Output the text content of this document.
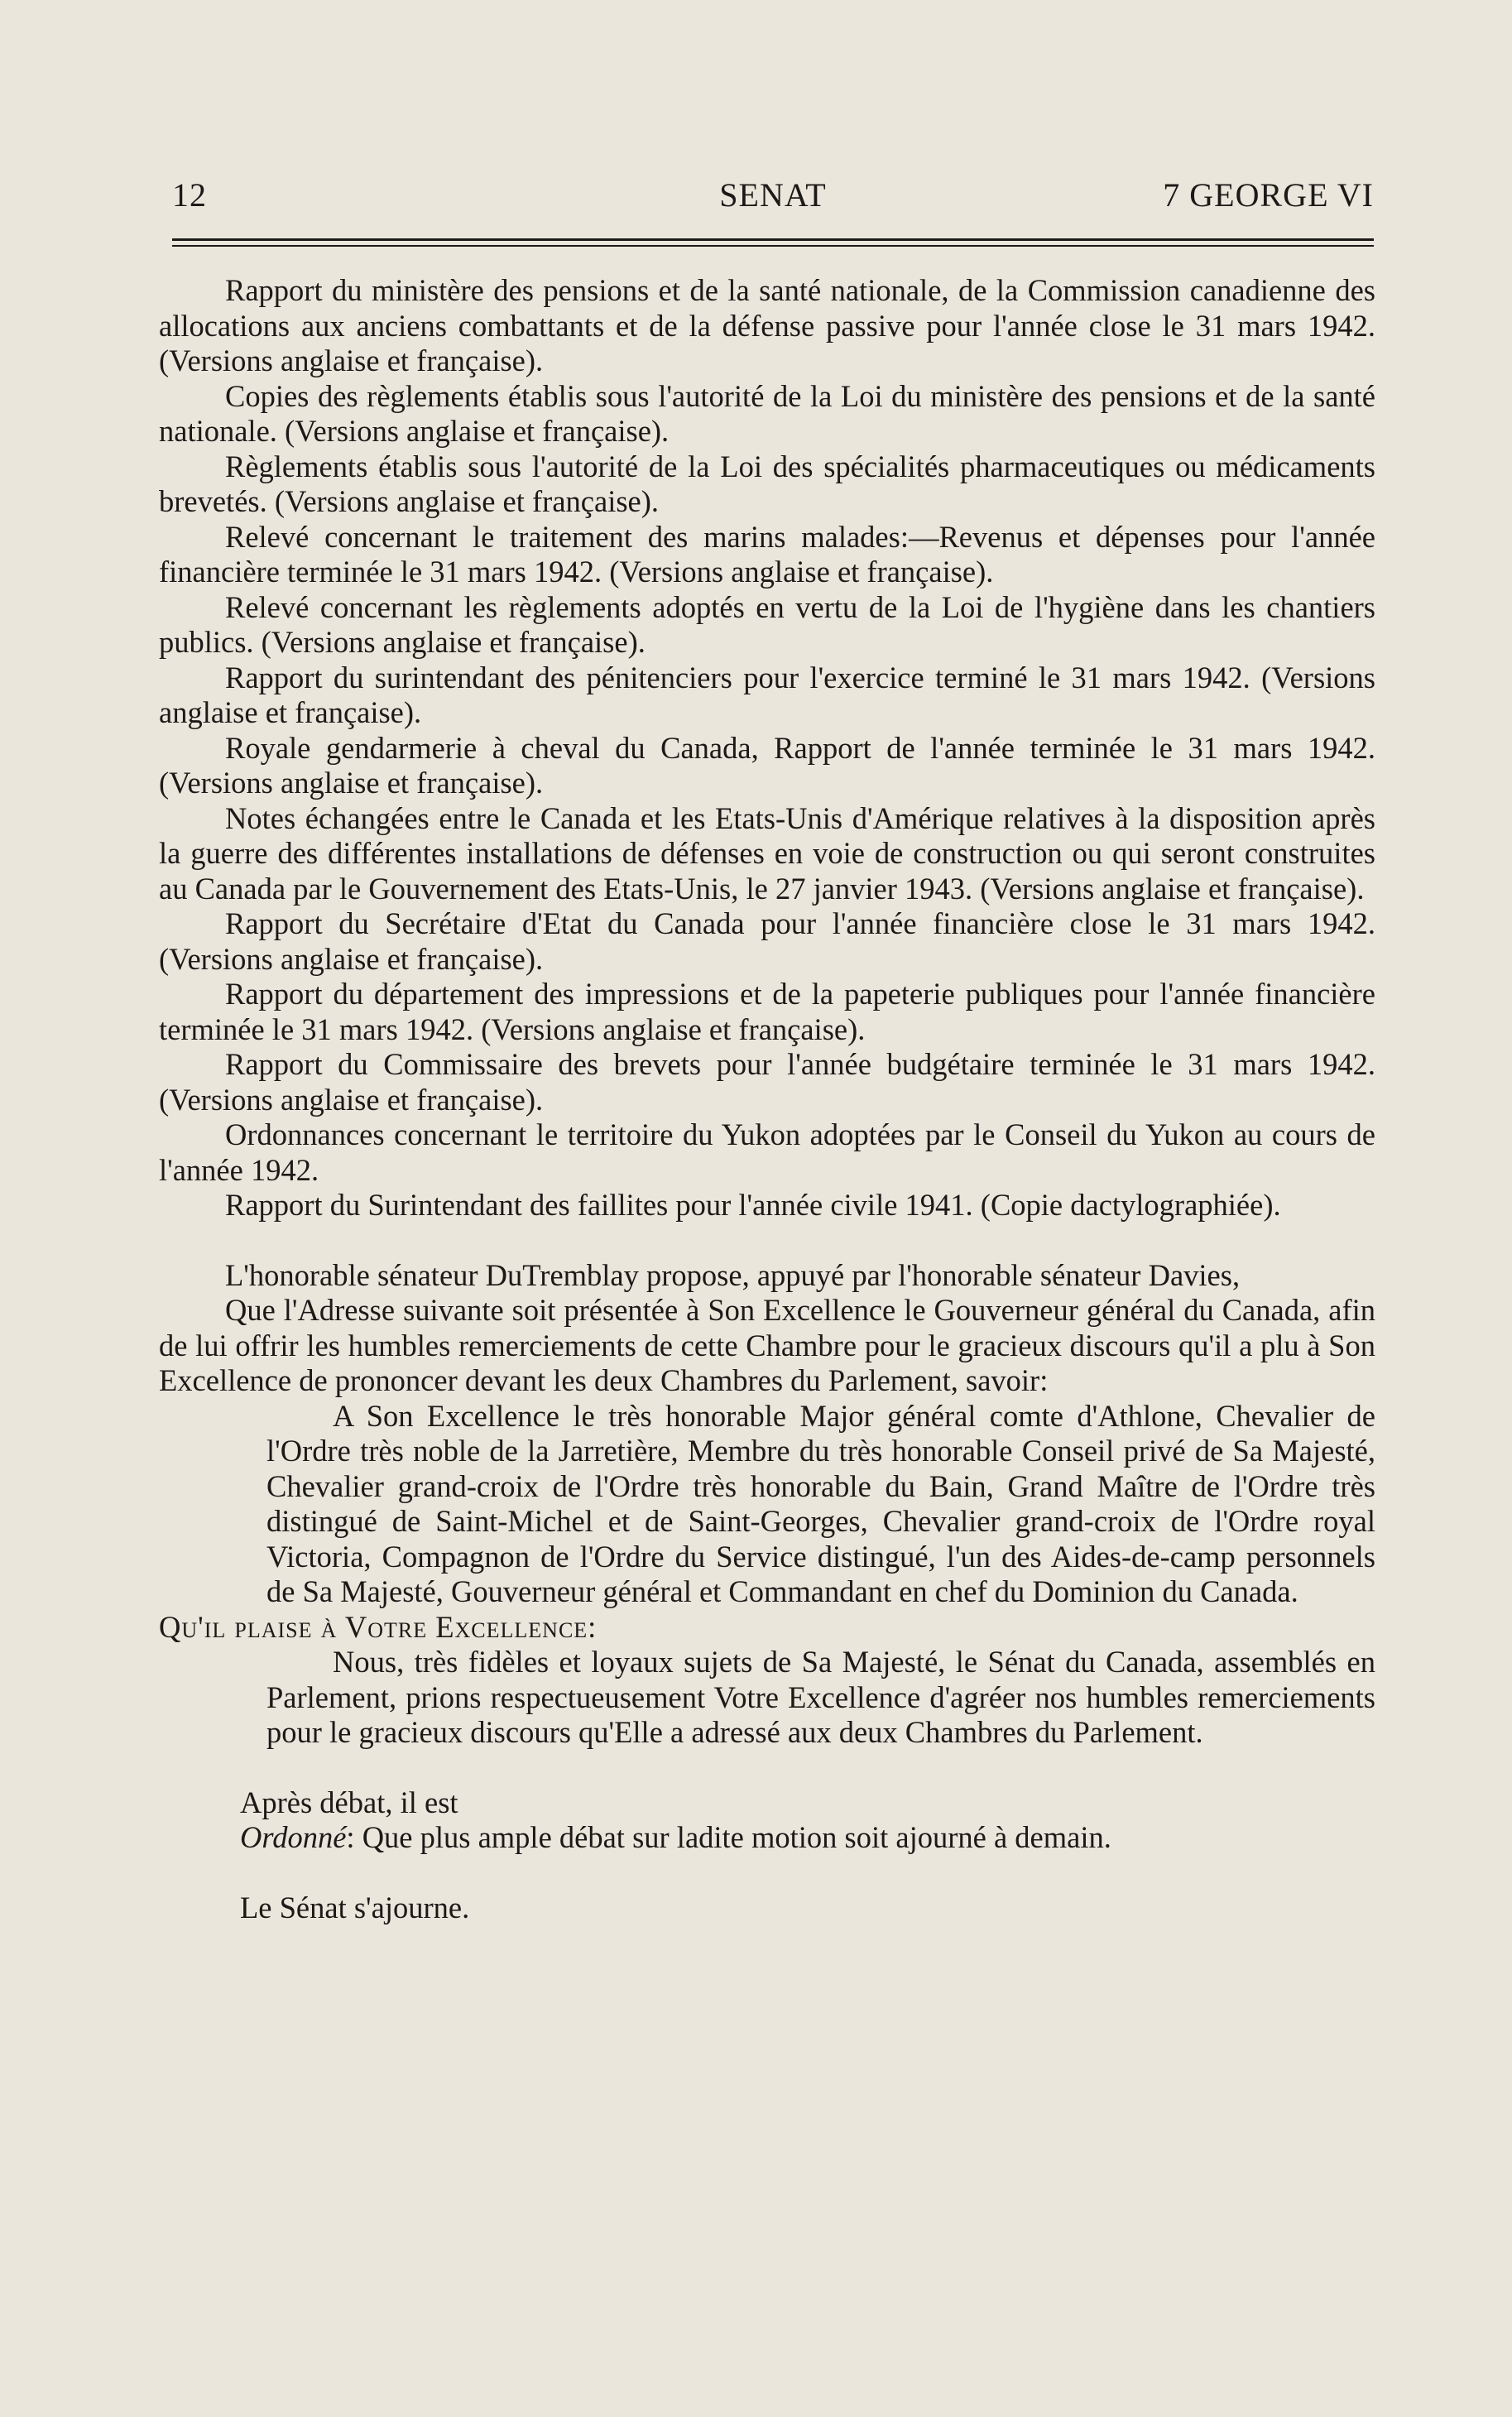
12	SENAT	7 GEORGE VI

Rapport du ministère des pensions et de la santé nationale, de la Commission canadienne des allocations aux anciens combattants et de la défense passive pour l'année close le 31 mars 1942. (Versions anglaise et française).

Copies des règlements établis sous l'autorité de la Loi du ministère des pensions et de la santé nationale. (Versions anglaise et française).

Règlements établis sous l'autorité de la Loi des spécialités pharmaceutiques ou médicaments brevetés. (Versions anglaise et française).

Relevé concernant le traitement des marins malades:—Revenus et dépenses pour l'année financière terminée le 31 mars 1942. (Versions anglaise et française).

Relevé concernant les règlements adoptés en vertu de la Loi de l'hygiène dans les chantiers publics. (Versions anglaise et française).

Rapport du surintendant des pénitenciers pour l'exercice terminé le 31 mars 1942. (Versions anglaise et française).

Royale gendarmerie à cheval du Canada, Rapport de l'année terminée le 31 mars 1942. (Versions anglaise et française).

Notes échangées entre le Canada et les Etats-Unis d'Amérique relatives à la disposition après la guerre des différentes installations de défenses en voie de construction ou qui seront construites au Canada par le Gouvernement des Etats-Unis, le 27 janvier 1943. (Versions anglaise et française).

Rapport du Secrétaire d'Etat du Canada pour l'année financière close le 31 mars 1942. (Versions anglaise et française).

Rapport du département des impressions et de la papeterie publiques pour l'année financière terminée le 31 mars 1942. (Versions anglaise et française).

Rapport du Commissaire des brevets pour l'année budgétaire terminée le 31 mars 1942. (Versions anglaise et française).

Ordonnances concernant le territoire du Yukon adoptées par le Conseil du Yukon au cours de l'année 1942.

Rapport du Surintendant des faillites pour l'année civile 1941. (Copie dactylographiée).

L'honorable sénateur DuTremblay propose, appuyé par l'honorable sénateur Davies,

Que l'Adresse suivante soit présentée à Son Excellence le Gouverneur général du Canada, afin de lui offrir les humbles remerciements de cette Chambre pour le gracieux discours qu'il a plu à Son Excellence de prononcer devant les deux Chambres du Parlement, savoir:

A Son Excellence le très honorable Major général comte d'Athlone, Chevalier de l'Ordre très noble de la Jarretière, Membre du très honorable Conseil privé de Sa Majesté, Chevalier grand-croix de l'Ordre très honorable du Bain, Grand Maître de l'Ordre très distingué de Saint-Michel et de Saint-Georges, Chevalier grand-croix de l'Ordre royal Victoria, Compagnon de l'Ordre du Service distingué, l'un des Aides-de-camp personnels de Sa Majesté, Gouverneur général et Commandant en chef du Dominion du Canada.

Qu'il plaise à Votre Excellence:

Nous, très fidèles et loyaux sujets de Sa Majesté, le Sénat du Canada, assemblés en Parlement, prions respectueusement Votre Excellence d'agréer nos humbles remerciements pour le gracieux discours qu'Elle a adressé aux deux Chambres du Parlement.

Après débat, il est

Ordonné: Que plus ample débat sur ladite motion soit ajourné à demain.

Le Sénat s'ajourne.
